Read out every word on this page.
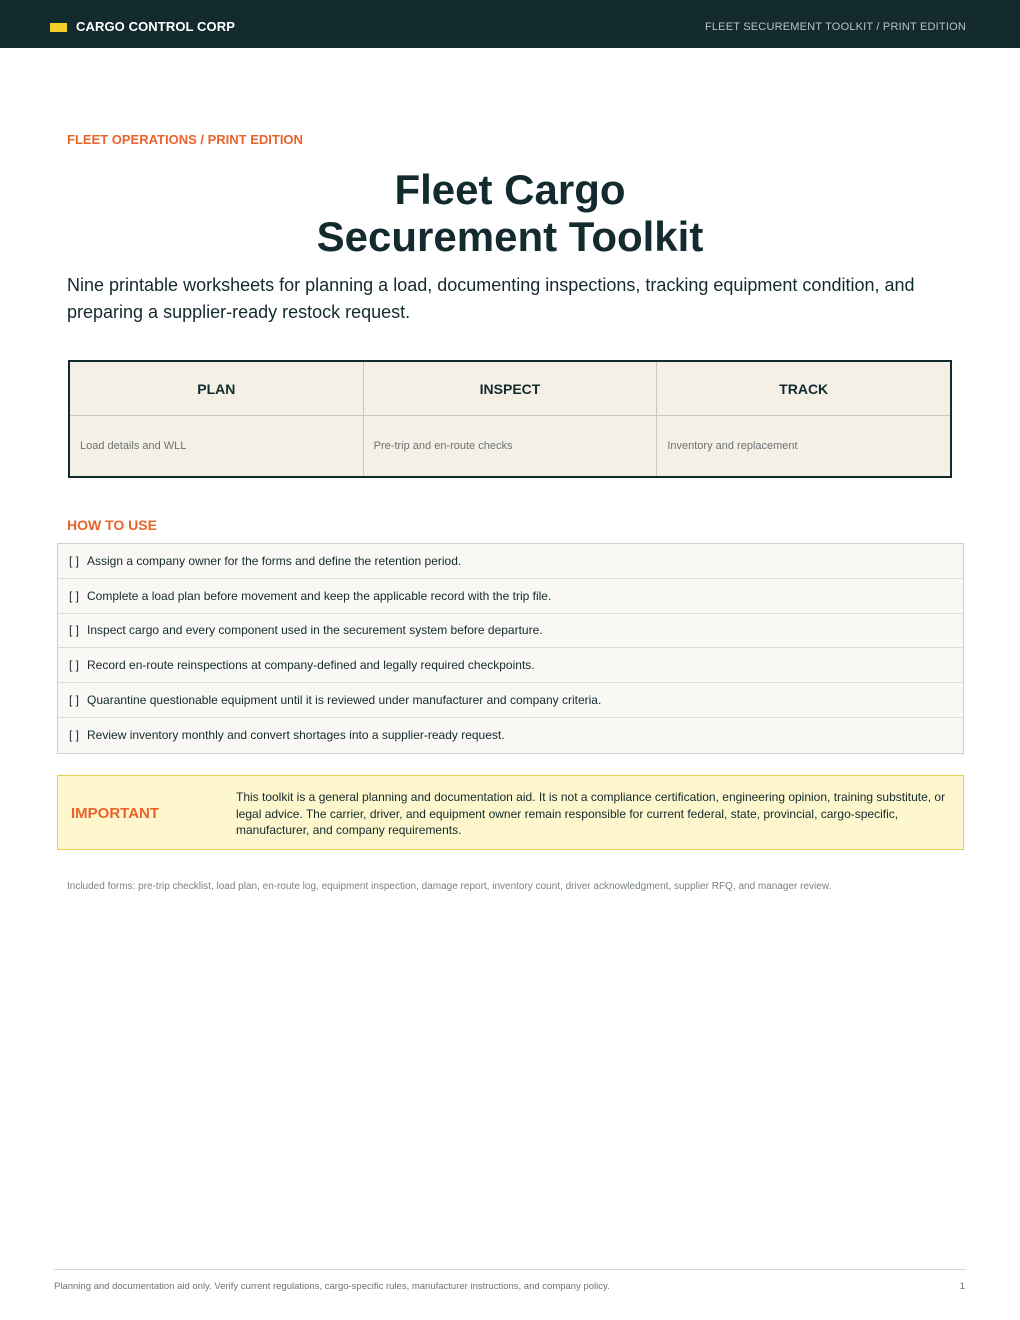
CARGO CONTROL CORP	FLEET SECUREMENT TOOLKIT / PRINT EDITION
FLEET OPERATIONS / PRINT EDITION
Fleet Cargo
Securement Toolkit

Nine printable worksheets for planning a load, documenting inspections, tracking equipment condition, and preparing a supplier-ready restock request.

PLAN
Load details and WLL
INSPECT
Pre-trip and en-route checks
TRACK
Inventory and replacement
HOW TO USE
[ ] Assign a company owner for the forms and define the retention period.
[ ] Complete a load plan before movement and keep the applicable record with the trip file.
[ ] Inspect cargo and every component used in the securement system before departure.
[ ] Record en-route reinspections at company-defined and legally required checkpoints.
[ ] Quarantine questionable equipment until it is reviewed under manufacturer and company criteria.
[ ] Review inventory monthly and convert shortages into a supplier-ready request.
IMPORTANT
This toolkit is a general planning and documentation aid. It is not a compliance certification, engineering opinion, training substitute, or legal advice. The carrier, driver, and equipment owner remain responsible for current federal, state, provincial, cargo-specific, manufacturer, and company requirements.
Included forms: pre-trip checklist, load plan, en-route log, equipment inspection, damage report, inventory count, driver acknowledgment, supplier RFQ, and manager review.
Planning and documentation aid only. Verify current regulations, cargo-specific rules, manufacturer instructions, and company policy.	1
